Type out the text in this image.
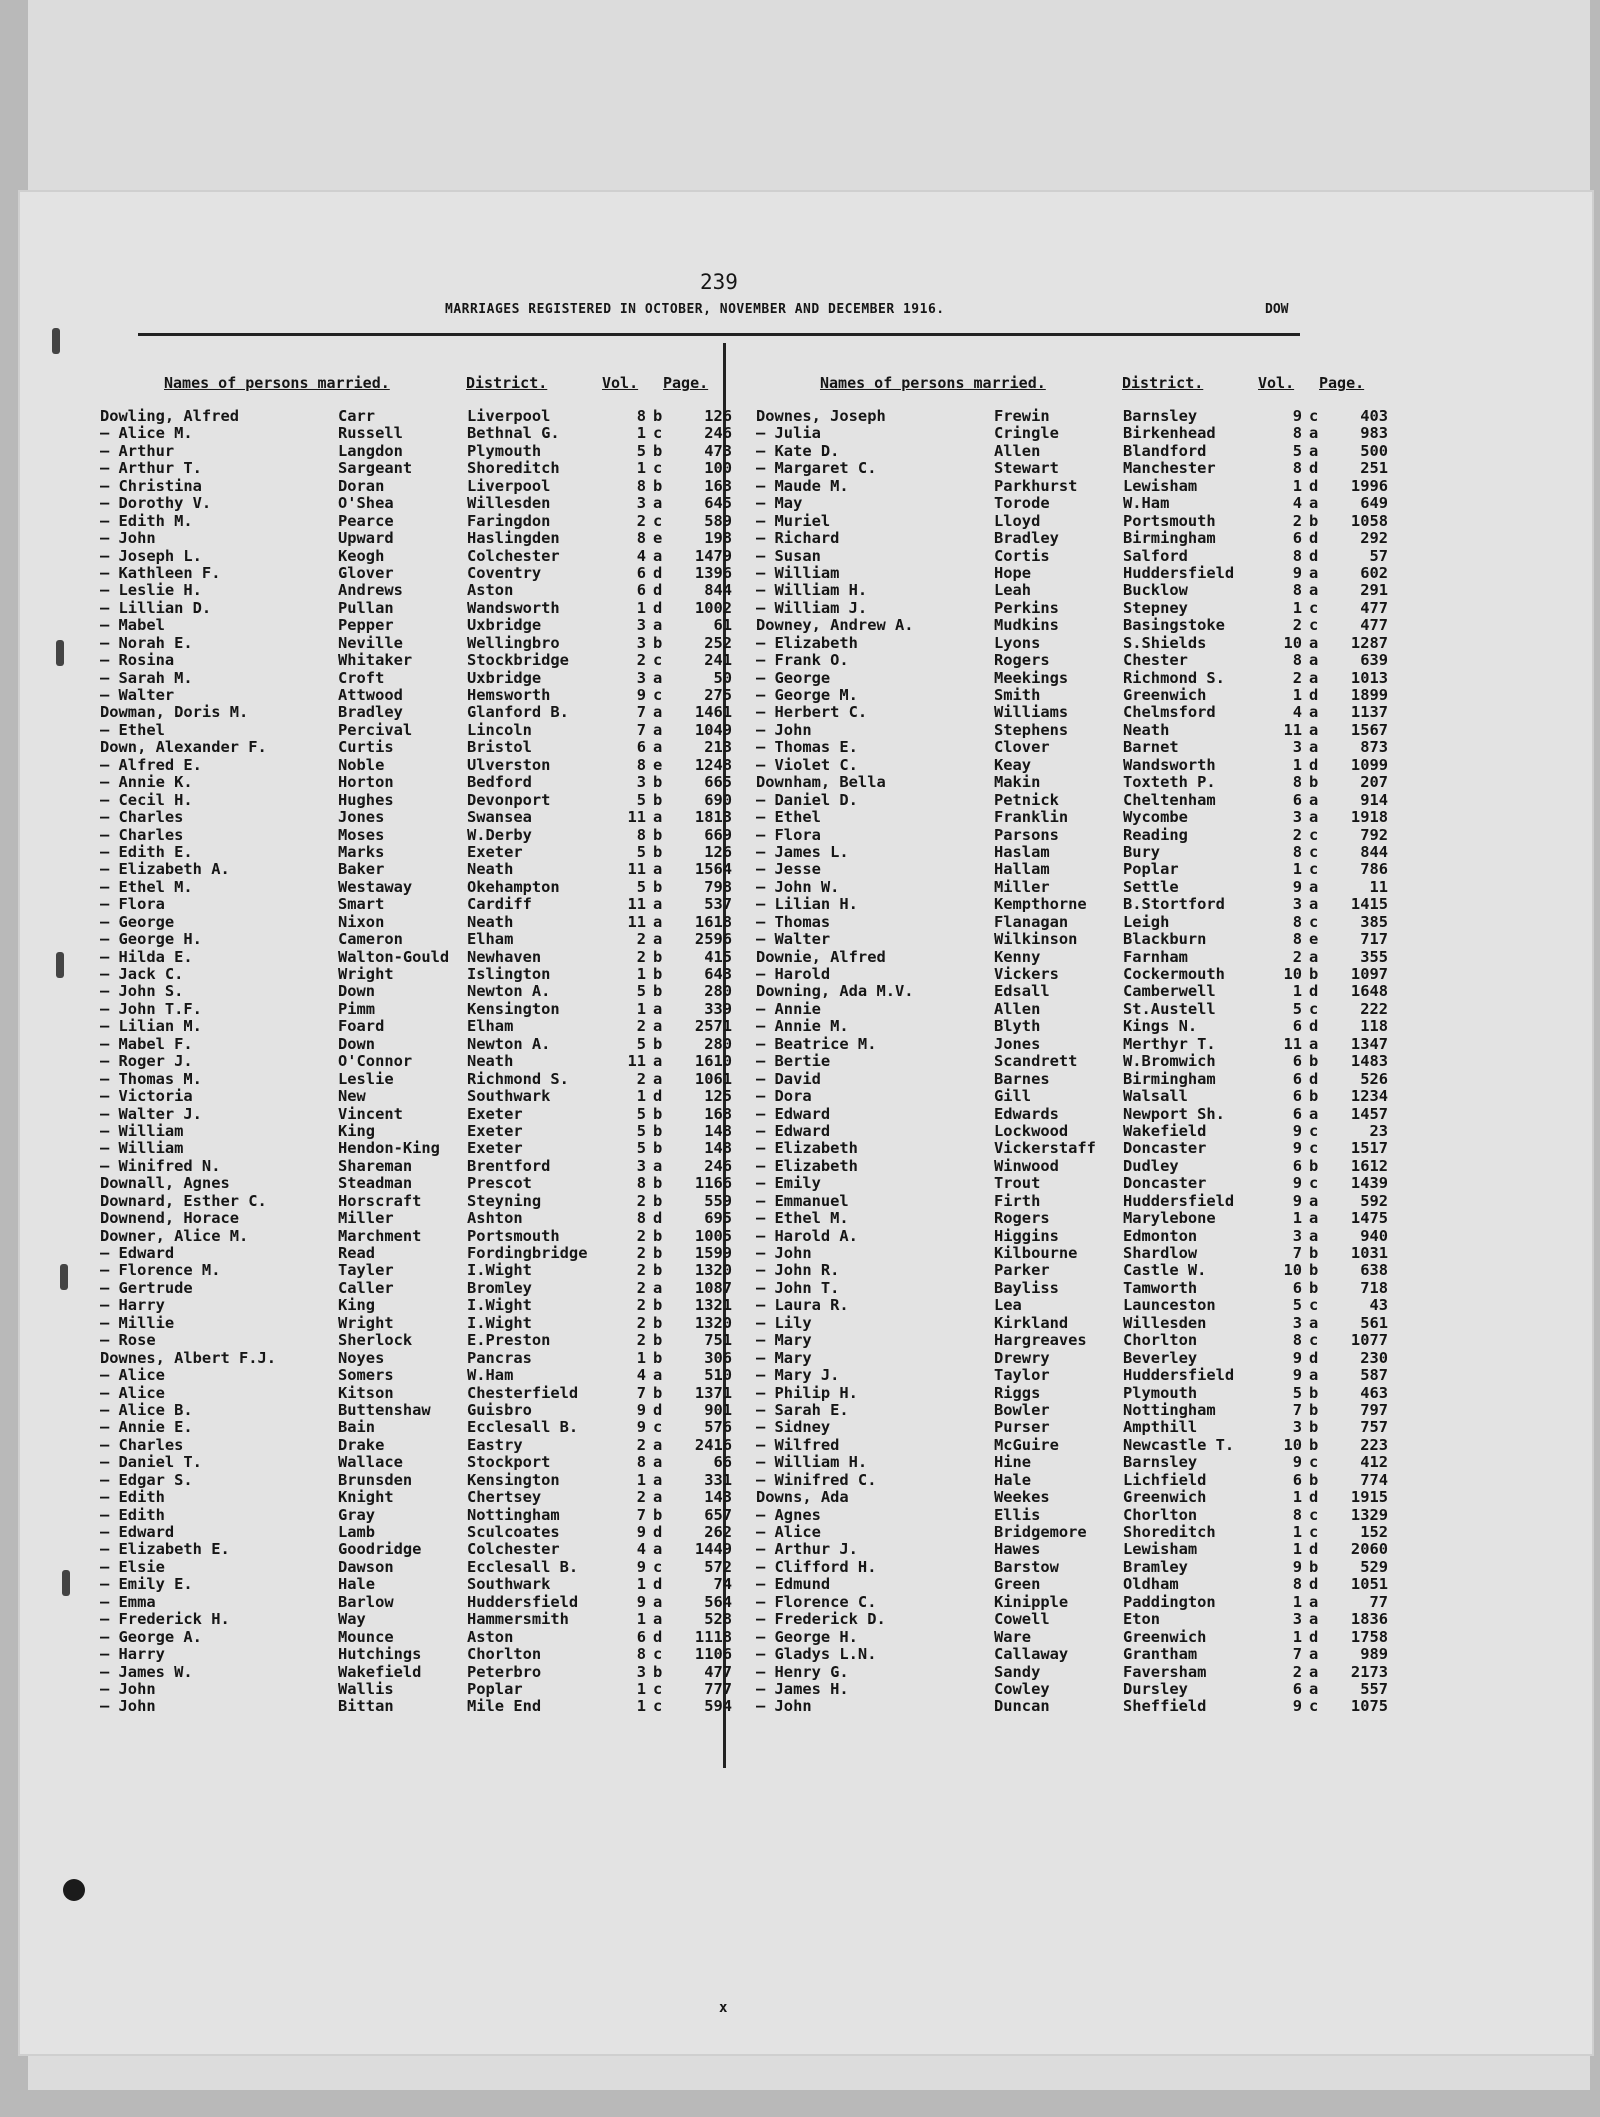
239
MARRIAGES REGISTERED IN OCTOBER, NOVEMBER AND DECEMBER 1916.	DOW
Names of persons married.	District.	Vol. Page.
Dowling, Alfred	Carr	Liverpool	8 b	126
— Alice M.	Russell	Bethnal G.	1 c	246
— Arthur	Langdon	Plymouth	5 b	473
— Arthur T.	Sargeant	Shoreditch	1 c	100
— Christina	Doran	Liverpool	8 b	163
— Dorothy V.	O'Shea	Willesden	3 a	645
— Edith M.	Pearce	Faringdon	2 c	589
— John	Upward	Haslingden	8 e	198
— Joseph L.	Keogh	Colchester	4 a	1479
— Kathleen F.	Glover	Coventry	6 d	1396
— Leslie H.	Andrews	Aston	6 d	844
— Lillian D.	Pullan	Wandsworth	1 d	1002
— Mabel	Pepper	Uxbridge	3 a	61
— Norah E.	Neville	Wellingbro	3 b	252
— Rosina	Whitaker	Stockbridge	2 c	241
— Sarah M.	Croft	Uxbridge	3 a	50
— Walter	Attwood	Hemsworth	9 c	275
Dowman, Doris M.	Bradley	Glanford B.	7 a	1461
— Ethel	Percival	Lincoln	7 a	1049
Down, Alexander F.	Curtis	Bristol	6 a	213
— Alfred E.	Noble	Ulverston	8 e	1248
— Annie K.	Horton	Bedford	3 b	665
— Cecil H.	Hughes	Devonport	5 b	690
— Charles	Jones	Swansea	11 a	1813
— Charles	Moses	W.Derby	8 b	669
— Edith E.	Marks	Exeter	5 b	126
— Elizabeth A.	Baker	Neath	11 a	1564
— Ethel M.	Westaway	Okehampton	5 b	798
— Flora	Smart	Cardiff	11 a	537
— George	Nixon	Neath	11 a	1618
— George H.	Cameron	Elham	2 a	2596
— Hilda E.	Walton-Gould	Newhaven	2 b	415
— Jack C.	Wright	Islington	1 b	643
— John S.	Down	Newton A.	5 b	280
— John T.F.	Pimm	Kensington	1 a	339
— Lilian M.	Foard	Elham	2 a	2571
— Mabel F.	Down	Newton A.	5 b	280
— Roger J.	O'Connor	Neath	11 a	1610
— Thomas M.	Leslie	Richmond S.	2 a	1061
— Victoria	New	Southwark	1 d	125
— Walter J.	Vincent	Exeter	5 b	168
— William	King	Exeter	5 b	148
— William	Hendon-King	Exeter	5 b	148
— Winifred N.	Shareman	Brentford	3 a	246
Downall, Agnes	Steadman	Prescot	8 b	1166
Downard, Esther C.	Horscraft	Steyning	2 b	559
Downend, Horace	Miller	Ashton	8 d	695
Downer, Alice M.	Marchment	Portsmouth	2 b	1005
— Edward	Read	Fordingbridge	2 b	1599
— Florence M.	Tayler	I.Wight	2 b	1320
— Gertrude	Caller	Bromley	2 a	1087
— Harry	King	I.Wight	2 b	1321
— Millie	Wright	I.Wight	2 b	1320
— Rose	Sherlock	E.Preston	2 b	751
Downes, Albert F.J.	Noyes	Pancras	1 b	306
— Alice	Somers	W.Ham	4 a	510
— Alice	Kitson	Chesterfield	7 b	1371
— Alice B.	Buttenshaw	Guisbro	9 d	901
— Annie E.	Bain	Ecclesall B.	9 c	576
— Charles	Drake	Eastry	2 a	2416
— Daniel T.	Wallace	Stockport	8 a	66
— Edgar S.	Brunsden	Kensington	1 a	331
— Edith	Knight	Chertsey	2 a	143
— Edith	Gray	Nottingham	7 b	657
— Edward	Lamb	Sculcoates	9 d	262
— Elizabeth E.	Goodridge	Colchester	4 a	1449
— Elsie	Dawson	Ecclesall B.	9 c	572
— Emily E.	Hale	Southwark	1 d	74
— Emma	Barlow	Huddersfield	9 a	564
— Frederick H.	Way	Hammersmith	1 a	528
— George A.	Mounce	Aston	6 d	1118
— Harry	Hutchings	Chorlton	8 c	1106
— James W.	Wakefield	Peterbro	3 b	477
— John	Wallis	Poplar	1 c	777
— John	Bittan	Mile End	1 c	594
Names of persons married.	District.	Vol. Page.
Downes, Joseph	Frewin	Barnsley	9 c	403
— Julia	Cringle	Birkenhead	8 a	983
— Kate D.	Allen	Blandford	5 a	500
— Margaret C.	Stewart	Manchester	8 d	251
— Maude M.	Parkhurst	Lewisham	1 d	1996
— May	Torode	W.Ham	4 a	649
— Muriel	Lloyd	Portsmouth	2 b	1058
— Richard	Bradley	Birmingham	6 d	292
— Susan	Cortis	Salford	8 d	57
— William	Hope	Huddersfield	9 a	602
— William H.	Leah	Bucklow	8 a	291
— William J.	Perkins	Stepney	1 c	477
Downey, Andrew A.	Mudkins	Basingstoke	2 c	477
— Elizabeth	Lyons	S.Shields	10 a	1287
— Frank O.	Rogers	Chester	8 a	639
— George	Meekings	Richmond S.	2 a	1013
— George M.	Smith	Greenwich	1 d	1899
— Herbert C.	Williams	Chelmsford	4 a	1137
— John	Stephens	Neath	11 a	1567
— Thomas E.	Clover	Barnet	3 a	873
— Violet C.	Keay	Wandsworth	1 d	1099
Downham, Bella	Makin	Toxteth P.	8 b	207
— Daniel D.	Petnick	Cheltenham	6 a	914
— Ethel	Franklin	Wycombe	3 a	1918
— Flora	Parsons	Reading	2 c	792
— James L.	Haslam	Bury	8 c	844
— Jesse	Hallam	Poplar	1 c	786
— John W.	Miller	Settle	9 a	11
— Lilian H.	Kempthorne	B.Stortford	3 a	1415
— Thomas	Flanagan	Leigh	8 c	385
— Walter	Wilkinson	Blackburn	8 e	717
Downie, Alfred	Kenny	Farnham	2 a	355
— Harold	Vickers	Cockermouth	10 b	1097
Downing, Ada M.V.	Edsall	Camberwell	1 d	1648
— Annie	Allen	St.Austell	5 c	222
— Annie M.	Blyth	Kings N.	6 d	118
— Beatrice M.	Jones	Merthyr T.	11 a	1347
— Bertie	Scandrett	W.Bromwich	6 b	1483
— David	Barnes	Birmingham	6 d	526
— Dora	Gill	Walsall	6 b	1234
— Edward	Edwards	Newport Sh.	6 a	1457
— Edward	Lockwood	Wakefield	9 c	23
— Elizabeth	Vickerstaff	Doncaster	9 c	1517
— Elizabeth	Winwood	Dudley	6 b	1612
— Emily	Trout	Doncaster	9 c	1439
— Emmanuel	Firth	Huddersfield	9 a	592
— Ethel M.	Rogers	Marylebone	1 a	1475
— Harold A.	Higgins	Edmonton	3 a	940
— John	Kilbourne	Shardlow	7 b	1031
— John R.	Parker	Castle W.	10 b	638
— John T.	Bayliss	Tamworth	6 b	718
— Laura R.	Lea	Launceston	5 c	43
— Lily	Kirkland	Willesden	3 a	561
— Mary	Hargreaves	Chorlton	8 c	1077
— Mary	Drewry	Beverley	9 d	230
— Mary J.	Taylor	Huddersfield	9 a	587
— Philip H.	Riggs	Plymouth	5 b	463
— Sarah E.	Bowler	Nottingham	7 b	797
— Sidney	Purser	Ampthill	3 b	757
— Wilfred	McGuire	Newcastle T.	10 b	223
— William H.	Hine	Barnsley	9 c	412
— Winifred C.	Hale	Lichfield	6 b	774
Downs, Ada	Weekes	Greenwich	1 d	1915
— Agnes	Ellis	Chorlton	8 c	1329
— Alice	Bridgemore	Shoreditch	1 c	152
— Arthur J.	Hawes	Lewisham	1 d	2060
— Clifford H.	Barstow	Bramley	9 b	529
— Edmund	Green	Oldham	8 d	1051
— Florence C.	Kinipple	Paddington	1 a	77
— Frederick D.	Cowell	Eton	3 a	1836
— George H.	Ware	Greenwich	1 d	1758
— Gladys L.N.	Callaway	Grantham	7 a	989
— Henry G.	Sandy	Faversham	2 a	2173
— James H.	Cowley	Dursley	6 a	557
— John	Duncan	Sheffield	9 c	1075
x
